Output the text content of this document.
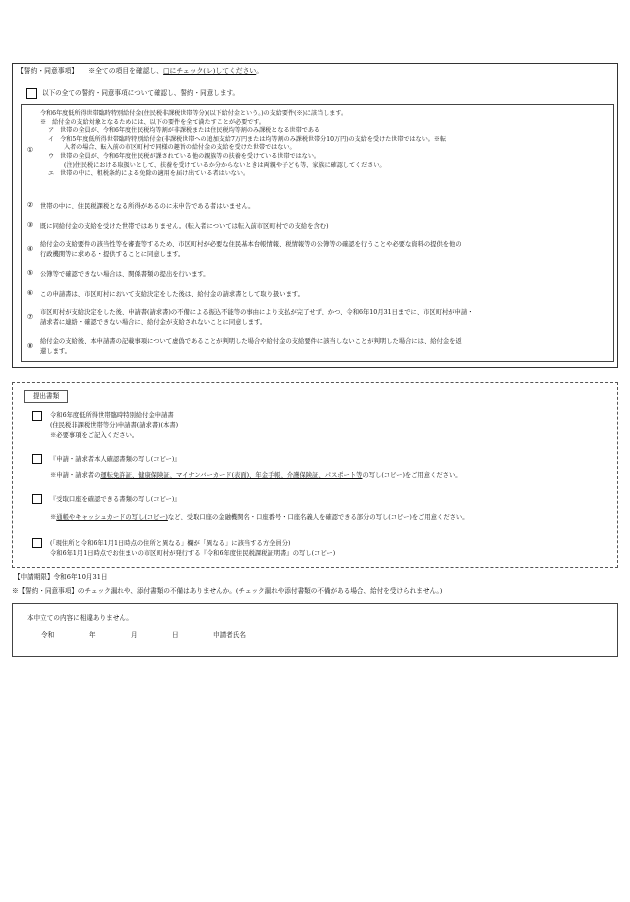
【誓約・同意事項】 ※全ての項目を確認し、□にチェック(レ)してください。
以下の全ての誓約・同意事項について確認し、誓約・同意します。
①
令和6年度低所得世帯臨時特別給付金(住民税非課税世帯等分)(以下給付金という。)の支給要件(※)に該当します。
※　給付金の支給対象となるためには、以下の要件を全て満たすことが必要です。
ア　世帯の全員が、令和6年度住民税均等割が非課税または住民税均等割のみ課税となる世帯である
イ　令和5年度低所得世帯臨時特別給付金(非課税世帯への追加支給7万円または均等割のみ課税世帯分10万円)の支給を受けた世帯ではない。※転
入者の場合、転入前の市区町村で同様の趣旨の給付金の支給を受けた世帯ではない。
ウ　世帯の全員が、令和6年度住民税が課されている他の親族等の扶養を受けている世帯ではない。
(注)住民税における取扱いとして、扶養を受けているか分からないときは両親や子ども等、家族に確認してください。
エ　世帯の中に、租税条約による免除の適用を届け出ている者はいない。
② 世帯の中に、住民税課税となる所得があるのに未申告である者はいません。
③ 既に同給付金の支給を受けた世帯ではありません。(転入者については転入前市区町村での支給を含む)
④
給付金の支給要件の該当性等を審査等するため、市区町村が必要な住民基本台帳情報、税情報等の公簿等の確認を行うことや必要な資料の提供を他の
行政機関等に求める・提供することに同意します。
⑤ 公簿等で確認できない場合は、関係書類の提出を行います。
⑥ この申請書は、市区町村において支給決定をした後は、給付金の請求書として取り扱います。
⑦
市区町村が支給決定をした後、申請書(請求書)の不備による振込不能等の事由により支払が完了せず、かつ、令和6年10月31日までに、市区町村が申請・
請求者に連絡・確認できない場合に、給付金が支給されないことに同意します。
⑧
給付金の支給後、本申請書の記載事項について虚偽であることが判明した場合や給付金の支給要件に該当しないことが判明した場合には、給付金を返
還します。
提出書類
令和6年度低所得世帯臨時特別給付金申請書
(住民税非課税世帯等分)申請書(請求書)(本書)
※必要事項をご記入ください。
『申請・請求者本人確認書類の写し(コピー)』
※申請・請求者の運転免許証、健康保険証、マイナンバーカード(表面)、年金手帳、介護保険証、パスポート等の写し(コピー)をご用意ください。
『受取口座を確認できる書類の写し(コピー)』
※通帳やキャッシュカードの写し(コピー)など、受取口座の金融機関名・口座番号・口座名義人を確認できる部分の写し(コピー)をご用意ください。
(「現住所と令和6年1月1日時点の住所と異なる」欄が「異なる」に該当する方全員分)
令和6年1月1日時点でお住まいの市区町村が発行する『令和6年度住民税課税証明書』の写し(コピー)
【申請期限】令和6年10月31日
※【誓約・同意事項】のチェック漏れや、添付書類の不備はありませんか。(チェック漏れや添付書類の不備がある場合、給付を受けられません。)
本申立ての内容に相違ありません。
令和	年	月	日	申請者氏名
